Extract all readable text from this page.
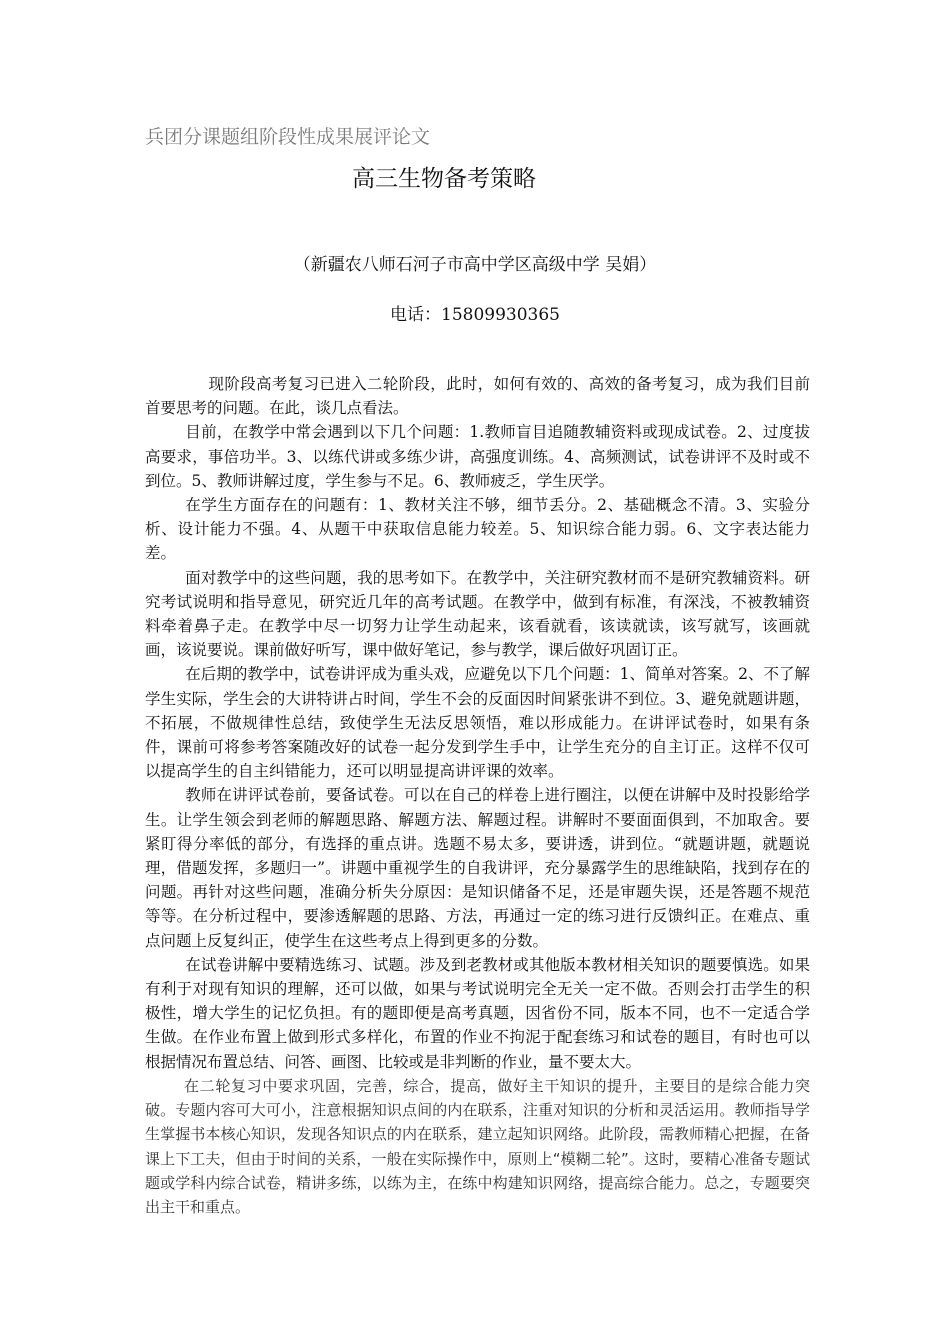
兵团分课题组阶段性成果展评论文
高三生物备考策略
（新疆农八师石河子市高中学区高级中学 吴娟）
电话：15809930365

现阶段高考复习已进入二轮阶段，此时，如何有效的、高效的备考复习，成为我们目前首要思考的问题。在此，谈几点看法。

目前，在教学中常会遇到以下几个问题：1.教师盲目追随教辅资料或现成试卷。2、过度拔高要求，事倍功半。3、以练代讲或多练少讲，高强度训练。4、高频测试，试卷讲评不及时或不到位。5、教师讲解过度，学生参与不足。6、教师疲乏，学生厌学。

在学生方面存在的问题有：1、教材关注不够，细节丢分。2、基础概念不清。3、实验分析、设计能力不强。4、从题干中获取信息能力较差。5、知识综合能力弱。6、文字表达能力差。

面对教学中的这些问题，我的思考如下。在教学中，关注研究教材而不是研究教辅资料。研究考试说明和指导意见，研究近几年的高考试题。在教学中，做到有标准，有深浅，不被教辅资料牵着鼻子走。在教学中尽一切努力让学生动起来，该看就看，该读就读，该写就写，该画就画，该说要说。课前做好听写，课中做好笔记，参与教学，课后做好巩固订正。

在后期的教学中，试卷讲评成为重头戏，应避免以下几个问题：1、简单对答案。2、不了解学生实际，学生会的大讲特讲占时间，学生不会的反面因时间紧张讲不到位。3、避免就题讲题，不拓展，不做规律性总结，致使学生无法反思领悟，难以形成能力。在讲评试卷时，如果有条件，课前可将参考答案随改好的试卷一起分发到学生手中，让学生充分的自主订正。这样不仅可以提高学生的自主纠错能力，还可以明显提高讲评课的效率。

教师在讲评试卷前，要备试卷。可以在自己的样卷上进行圈注，以便在讲解中及时投影给学生。让学生领会到老师的解题思路、解题方法、解题过程。讲解时不要面面俱到，不加取舍。要紧盯得分率低的部分，有选择的重点讲。选题不易太多，要讲透，讲到位。“就题讲题，就题说理，借题发挥，多题归一”。讲题中重视学生的自我讲评，充分暴露学生的思维缺陷，找到存在的问题。再针对这些问题，准确分析失分原因：是知识储备不足，还是审题失误，还是答题不规范等等。在分析过程中，要渗透解题的思路、方法，再通过一定的练习进行反馈纠正。在难点、重点问题上反复纠正，使学生在这些考点上得到更多的分数。

在试卷讲解中要精选练习、试题。涉及到老教材或其他版本教材相关知识的题要慎选。如果有利于对现有知识的理解，还可以做，如果与考试说明完全无关一定不做。否则会打击学生的积极性，增大学生的记忆负担。有的题即便是高考真题，因省份不同，版本不同，也不一定适合学生做。在作业布置上做到形式多样化，布置的作业不拘泥于配套练习和试卷的题目，有时也可以根据情况布置总结、问答、画图、比较或是非判断的作业，量不要太大。

在二轮复习中要求巩固，完善，综合，提高，做好主干知识的提升，主要目的是综合能力突破。专题内容可大可小，注意根据知识点间的内在联系，注重对知识的分析和灵活运用。教师指导学生掌握书本核心知识，发现各知识点的内在联系，建立起知识网络。此阶段，需教师精心把握，在备课上下工夫，但由于时间的关系，一般在实际操作中，原则上“模糊二轮”。这时，要精心准备专题试题或学科内综合试卷，精讲多练，以练为主，在练中构建知识网络，提高综合能力。总之，专题要突出主干和重点。
